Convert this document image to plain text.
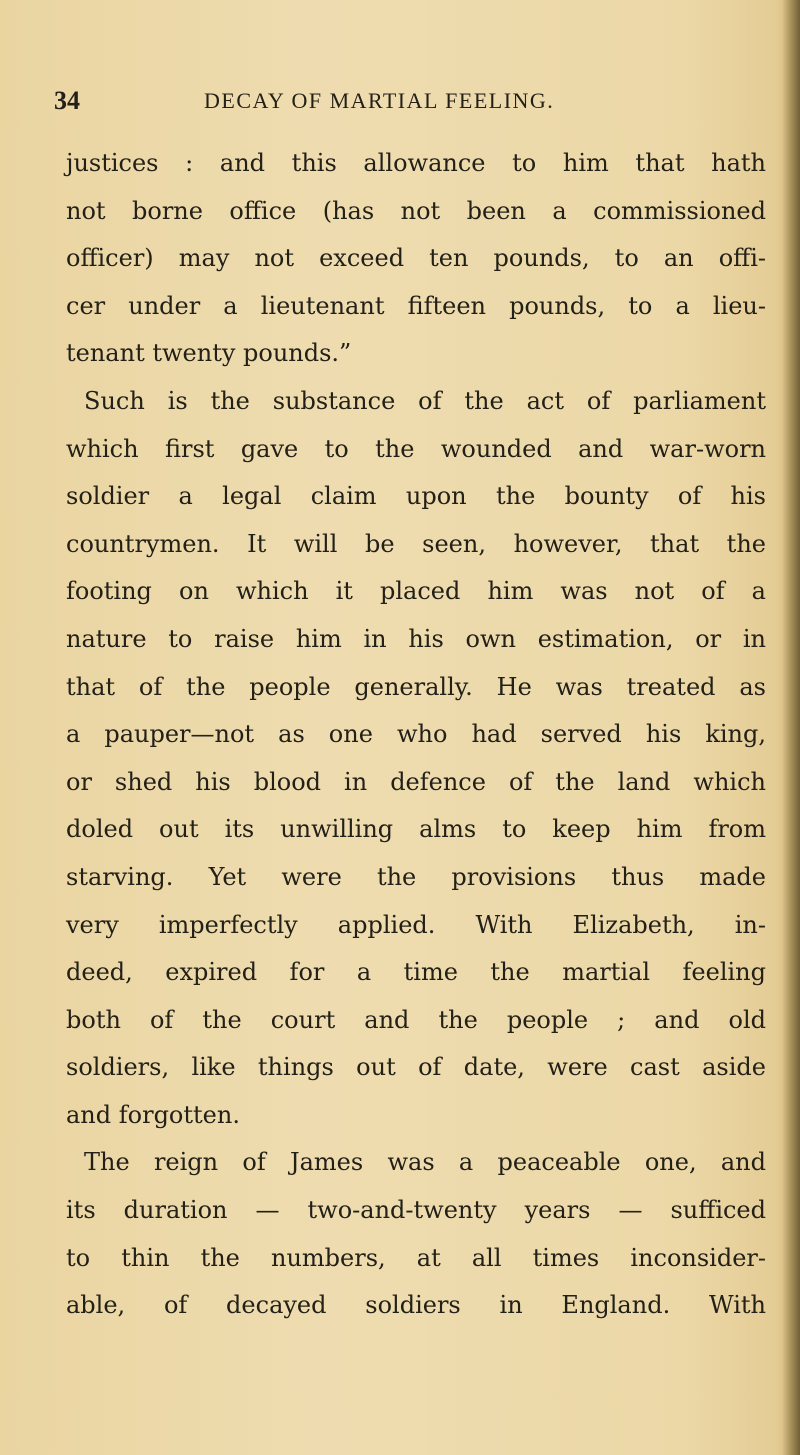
34	DECAY OF MARTIAL FEELING.
justices : and this allowance to him that hath
not borne office (has not been a commissioned
officer) may not exceed ten pounds, to an offi-
cer under a lieutenant fifteen pounds, to a lieu-
tenant twenty pounds.”
Such is the substance of the act of parliament
which first gave to the wounded and war-worn
soldier a legal claim upon the bounty of his
countrymen. It will be seen, however, that the
footing on which it placed him was not of a
nature to raise him in his own estimation, or in
that of the people generally. He was treated as
a pauper—not as one who had served his king,
or shed his blood in defence of the land which
doled out its unwilling alms to keep him from
starving. Yet were the provisions thus made
very imperfectly applied. With Elizabeth, in-
deed, expired for a time the martial feeling
both of the court and the people ; and old
soldiers, like things out of date, were cast aside
and forgotten.
The reign of James was a peaceable one, and
its duration — two-and-twenty years — sufficed
to thin the numbers, at all times inconsider-
able, of decayed soldiers in England. With
